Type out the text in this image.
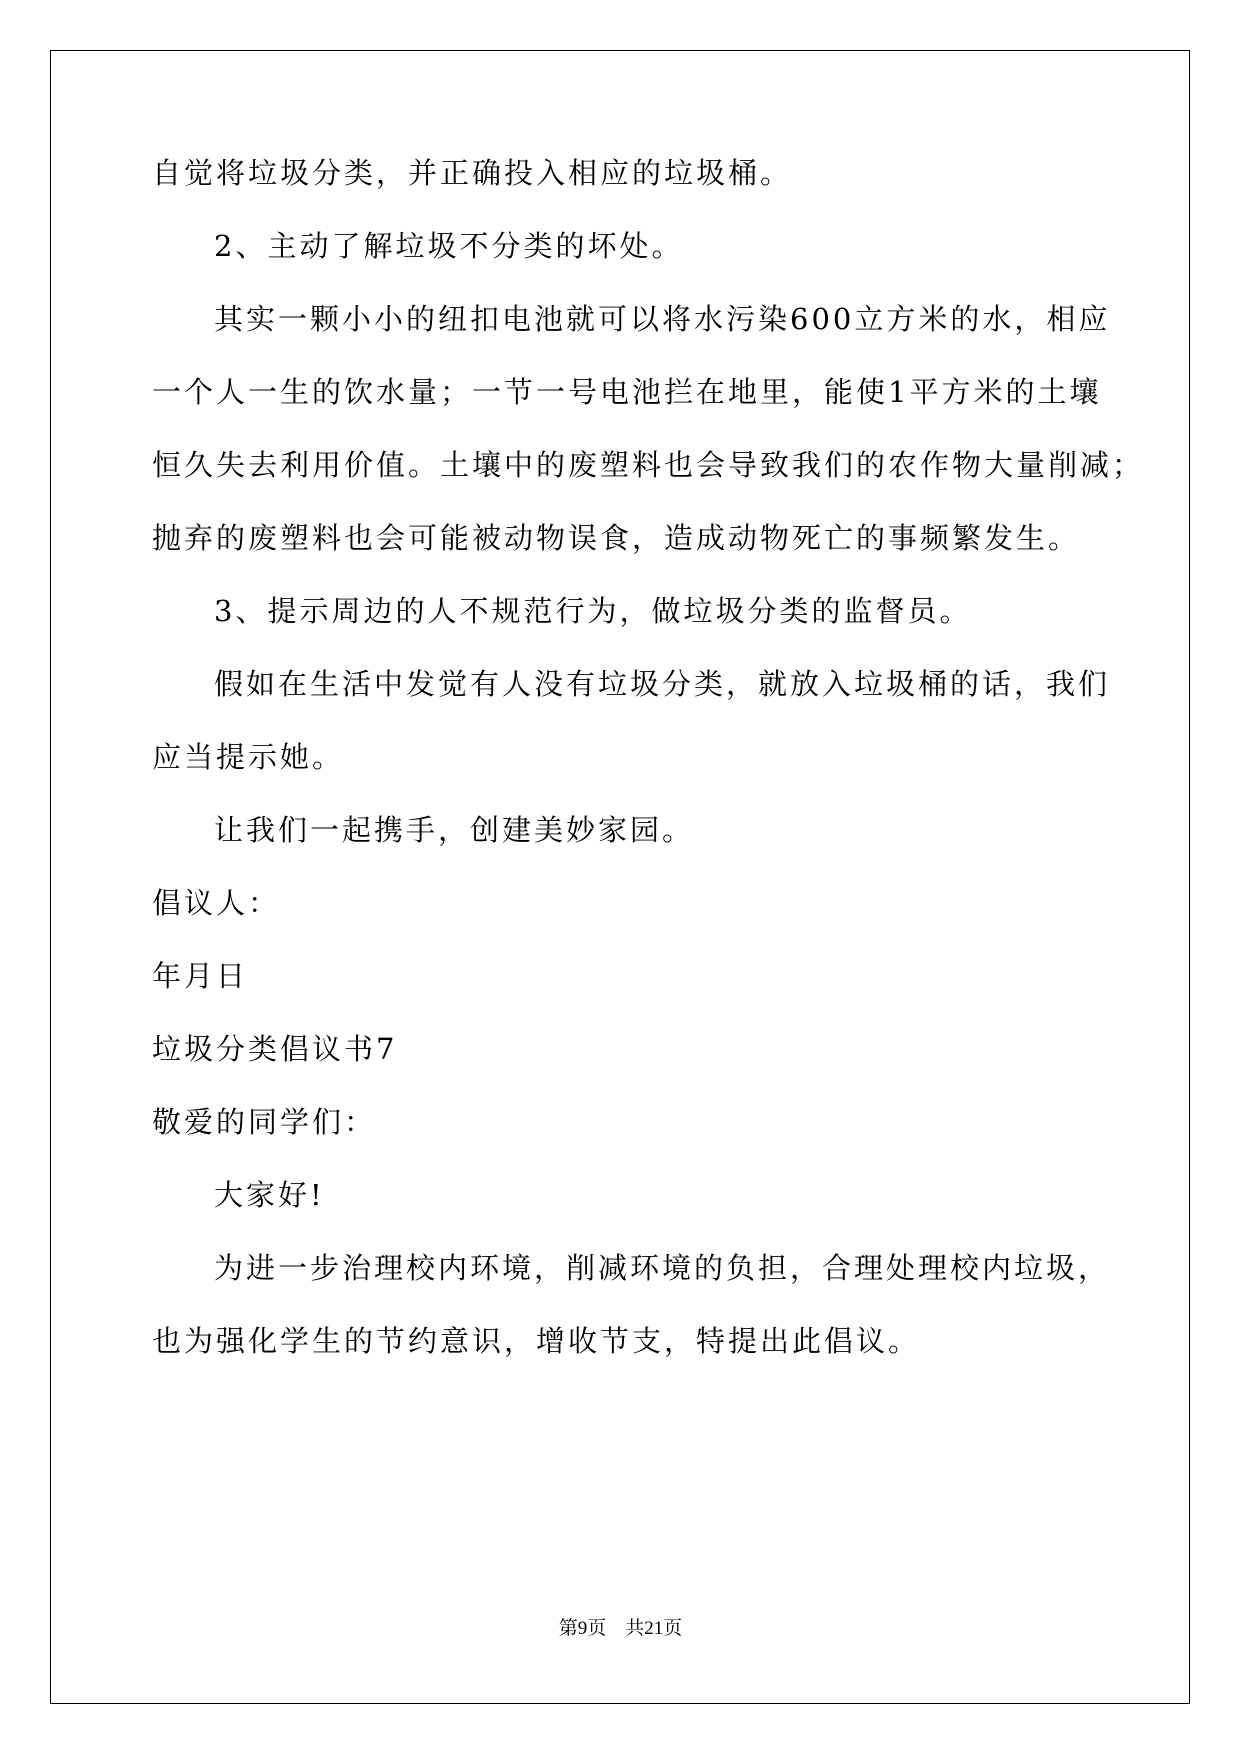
自觉将垃圾分类，并正确投入相应的垃圾桶。
2、主动了解垃圾不分类的坏处。
其实一颗小小的纽扣电池就可以将水污染600立方米的水，相应
一个人一生的饮水量；一节一号电池拦在地里，能使1平方米的土壤
恒久失去利用价值。土壤中的废塑料也会导致我们的农作物大量削减；
抛弃的废塑料也会可能被动物误食，造成动物死亡的事频繁发生。
3、提示周边的人不规范行为，做垃圾分类的监督员。
假如在生活中发觉有人没有垃圾分类，就放入垃圾桶的话，我们
应当提示她。
让我们一起携手，创建美妙家园。
倡议人：
年月日
垃圾分类倡议书7
敬爱的同学们：
大家好!
为进一步治理校内环境，削减环境的负担，合理处理校内垃圾，
也为强化学生的节约意识，增收节支，特提出此倡议。
第9页 共21页
